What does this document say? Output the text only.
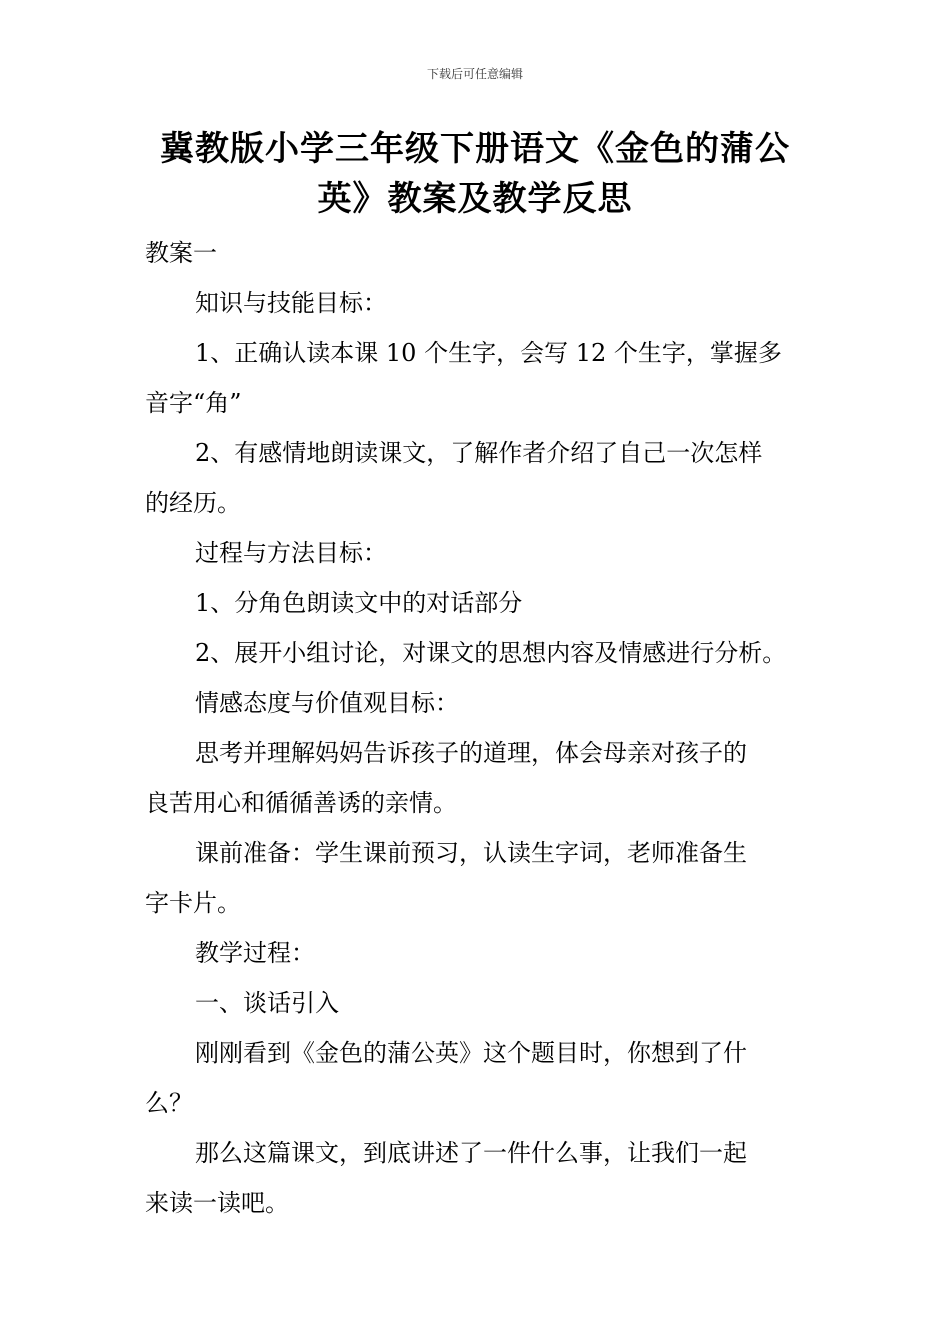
下载后可任意编辑
冀教版小学三年级下册语文《金色的蒲公
英》教案及教学反思

教案一

知识与技能目标：

1、正确认读本课 10 个生字，会写 12 个生字，掌握多
音字“角”

2、有感情地朗读课文，了解作者介绍了自己一次怎样
的经历。

过程与方法目标：

1、分角色朗读文中的对话部分

2、展开小组讨论，对课文的思想内容及情感进行分析。

情感态度与价值观目标：

思考并理解妈妈告诉孩子的道理，体会母亲对孩子的
良苦用心和循循善诱的亲情。

课前准备：学生课前预习，认读生字词，老师准备生
字卡片。

教学过程：

一、谈话引入

刚刚看到《金色的蒲公英》这个题目时，你想到了什
么？

那么这篇课文，到底讲述了一件什么事，让我们一起
来读一读吧。
